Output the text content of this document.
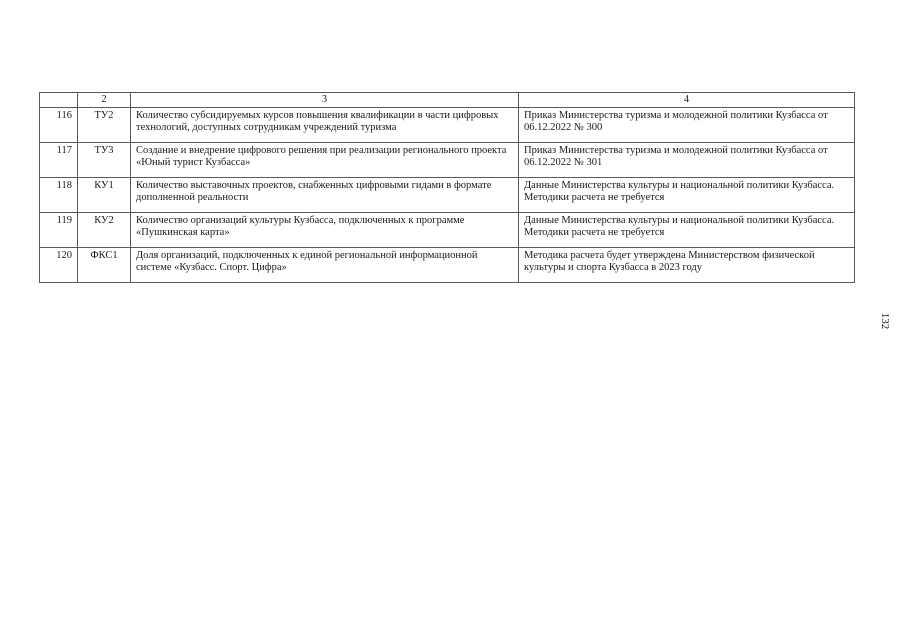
	2	3	4
116	ТУ2	Количество субсидируемых курсов повышения квалификации в части цифровых технологий, доступных сотрудникам учреждений туризма	Приказ Министерства туризма и молодежной политики Кузбасса от 06.12.2022 № 300
117	ТУ3	Создание и внедрение цифрового решения при реализации регионального проекта «Юный турист Кузбасса»	Приказ Министерства туризма и молодежной политики Кузбасса от 06.12.2022 № 301
118	КУ1	Количество выставочных проектов, снабженных цифровыми гидами в формате дополненной реальности	Данные Министерства культуры и национальной политики Кузбасса. Методики расчета не требуется
119	КУ2	Количество организаций культуры Кузбасса, подключенных к программе «Пушкинская карта»	Данные Министерства культуры и национальной политики Кузбасса. Методики расчета не требуется
120	ФКС1	Доля организаций, подключенных к единой региональной информационной системе «Кузбасс. Спорт. Цифра»	Методика расчета будет утверждена Министерством физической культуры и спорта Кузбасса в 2023 году
132
